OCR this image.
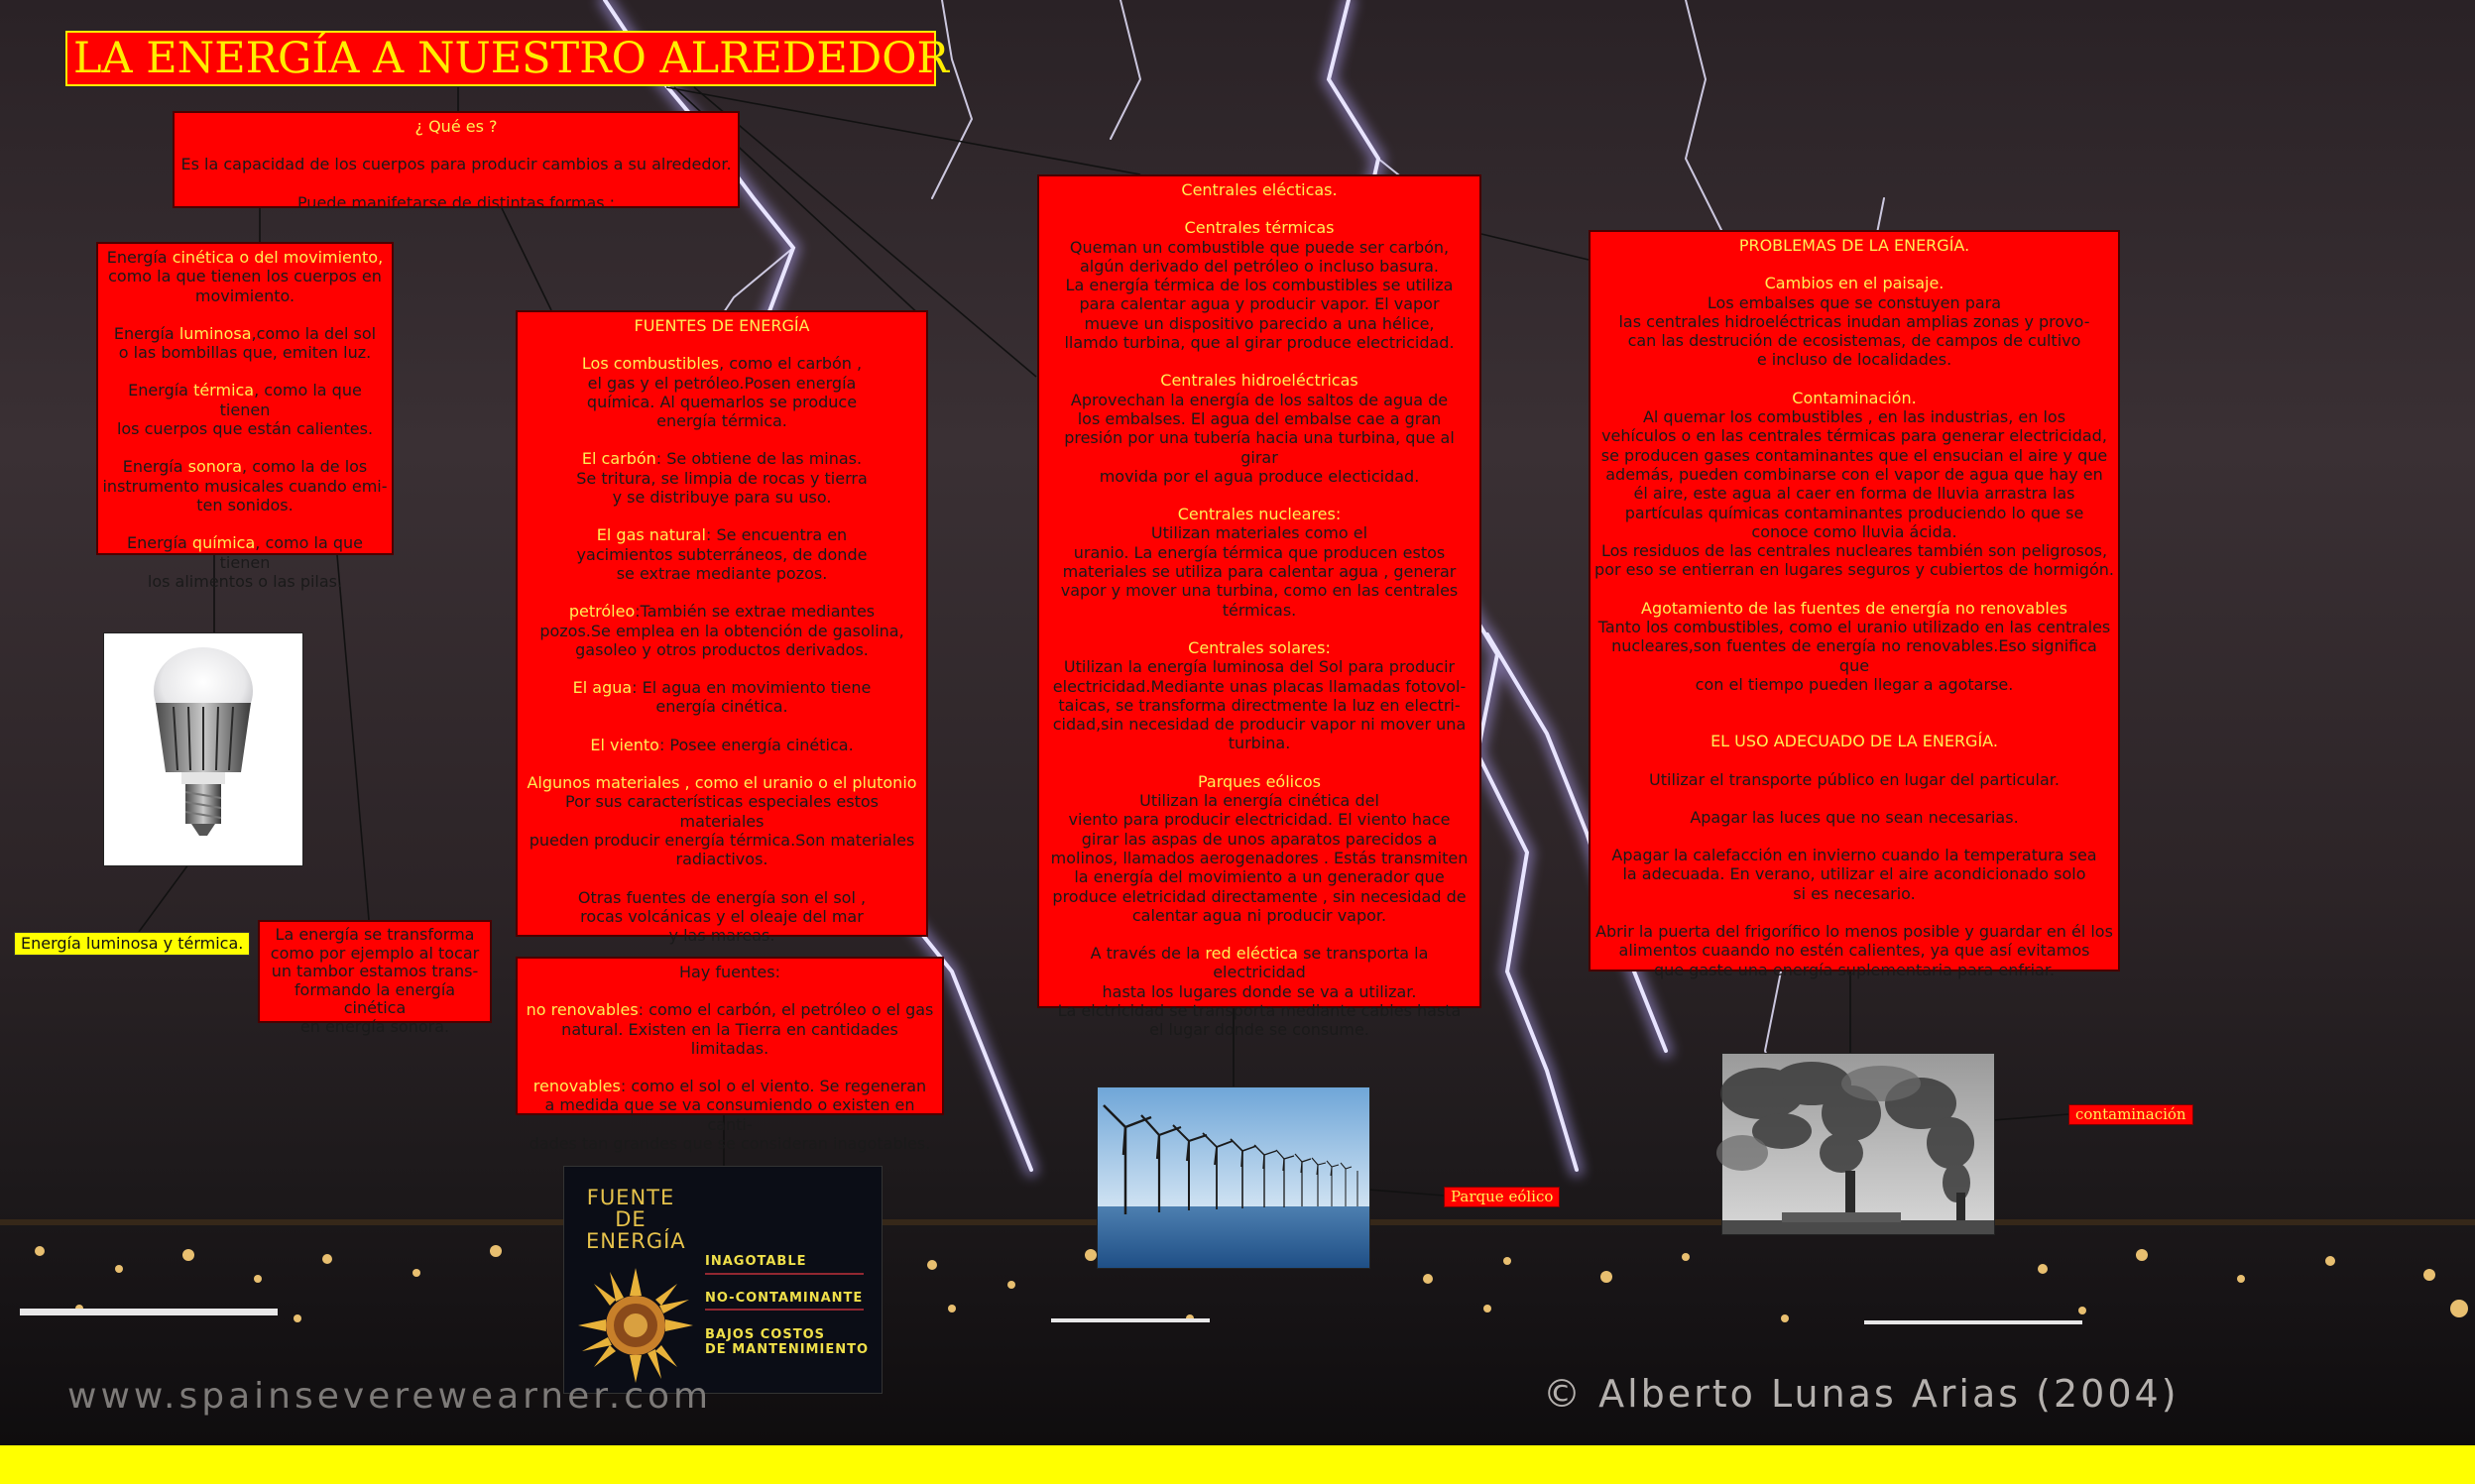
LA ENERGÍA A NUESTRO ALREDEDOR

¿ Qué es ?

Es la capacidad de los cuerpos para producir cambios a su alrededor.

Puede manifetarse de distintas formas :

Energía cinética o del movimiento,
como la que tienen los cuerpos en
movimiento.

Energía luminosa,como la del sol
o las bombillas que, emiten luz.

Energía térmica, como la que tienen
los cuerpos que están calientes.

Energía sonora, como la de los
instrumento musicales cuando emi-
ten sonidos.

Energía química, como la que tienen
los alimentos o las pilas.

Energía luminosa y térmica.	La energía se transforma
como por ejemplo al tocar
un tambor estamos trans-
formando la energía cinética
en energía sonora.

FUENTES DE ENERGÍA

Los combustibles, como el carbón ,
el gas y el petróleo.Posen energía
química. Al quemarlos se produce
energía térmica.

El carbón: Se obtiene de las minas.
Se tritura, se limpia de rocas y tierra
y se distribuye para su uso.

El gas natural: Se encuentra en
yacimientos subterráneos, de donde
se extrae mediante pozos.

petróleo:También se extrae mediantes
pozos.Se emplea en la obtención de gasolina,
gasoleo y otros productos derivados.

El agua: El agua en movimiento tiene
energía cinética.

El viento: Posee energía cinética.

Algunos materiales , como el uranio o el plutonio
Por sus características especiales estos materiales
pueden producir energía térmica.Son materiales
radiactivos.

Otras fuentes de energía son el sol ,
rocas volcánicas y el oleaje del mar
y las mareas.

Hay fuentes:

no renovables: como el carbón, el petróleo o el gas
natural. Existen en la Tierra en cantidades limitadas.

renovables: como el sol o el viento. Se regeneran
a medida que se va consumiendo o existen en canti-
dades tan grandes que se consideran inagotables.

FUENTE
DE
ENERGÍA
INAGOTABLE
NO-CONTAMINANTE
BAJOS COSTOS
DE MANTENIMIENTO

Centrales elécticas.

Centrales térmicas
Queman un combustible que puede ser carbón,
algún derivado del petróleo o incluso basura.
La energía térmica de los combustibles se utiliza
para calentar agua y producir vapor. El vapor
mueve un dispositivo parecido a una hélice,
llamdo turbina, que al girar produce electricidad.

Centrales hidroeléctricas
Aprovechan la energía de los saltos de agua de
los embalses. El agua del embalse cae a gran
presión por una tubería hacia una turbina, que al girar
movida por el agua produce electicidad.

Centrales nucleares:
Utilizan materiales como el
uranio. La energía térmica que producen estos
materiales se utiliza para calentar agua , generar
vapor y mover una turbina, como en las centrales
térmicas.

Centrales solares:
Utilizan la energía luminosa del Sol para producir
electricidad.Mediante unas placas llamadas fotovol-
taicas, se transforma directmente la luz en electri-
cidad,sin necesidad de producir vapor ni mover una
turbina.

Parques eólicos
Utilizan la energía cinética del
viento para producir electricidad. El viento hace
girar las aspas de unos aparatos parecidos a
molinos, llamados aerogenadores . Estás transmiten
la energía del movimiento a un generador que
produce eletricidad directamente , sin necesidad de
calentar agua ni producir vapor.

A través de la red eléctica se transporta la electricidad
hasta los lugares donde se va a utilizar.
La elctricidad se transporta mediante cables hasta
el lugar donde se consume.

Parque eólico

PROBLEMAS DE LA ENERGÍA.

Cambios en el paisaje.
Los embalses que se constuyen para
las centrales hidroeléctricas inudan amplias zonas y provo-
can las destrución de ecosistemas, de campos de cultivo
e incluso de localidades.

Contaminación.
Al quemar los combustibles , en las industrias, en los
vehículos o en las centrales térmicas para generar electricidad,
se producen gases contaminantes que el ensucian el aire y que
además, pueden combinarse con el vapor de agua que hay en
él aire, este agua al caer en forma de lluvia arrastra las
partículas químicas contaminantes produciendo lo que se
conoce como lluvia ácida.
Los residuos de las centrales nucleares también son peligrosos,
por eso se entierran en lugares seguros y cubiertos de hormigón.

Agotamiento de las fuentes de energía no renovables
Tanto los combustibles, como el uranio utilizado en las centrales
nucleares,son fuentes de energía no renovables.Eso significa que
con el tiempo pueden llegar a agotarse.

EL USO ADECUADO DE LA ENERGÍA.

Utilizar el transporte público en lugar del particular.

Apagar las luces que no sean necesarias.

Apagar la calefacción en invierno cuando la temperatura sea
la adecuada. En verano, utilizar el aire acondicionado solo
si es necesario.

Abrir la puerta del frigorífico lo menos posible y guardar en él los
alimentos cuaando no estén calientes, ya que así evitamos
que gaste una energía suplementaria para enfriar.

contaminación
www.spainseverewearner.com	© Alberto Lunas Arias (2004)
